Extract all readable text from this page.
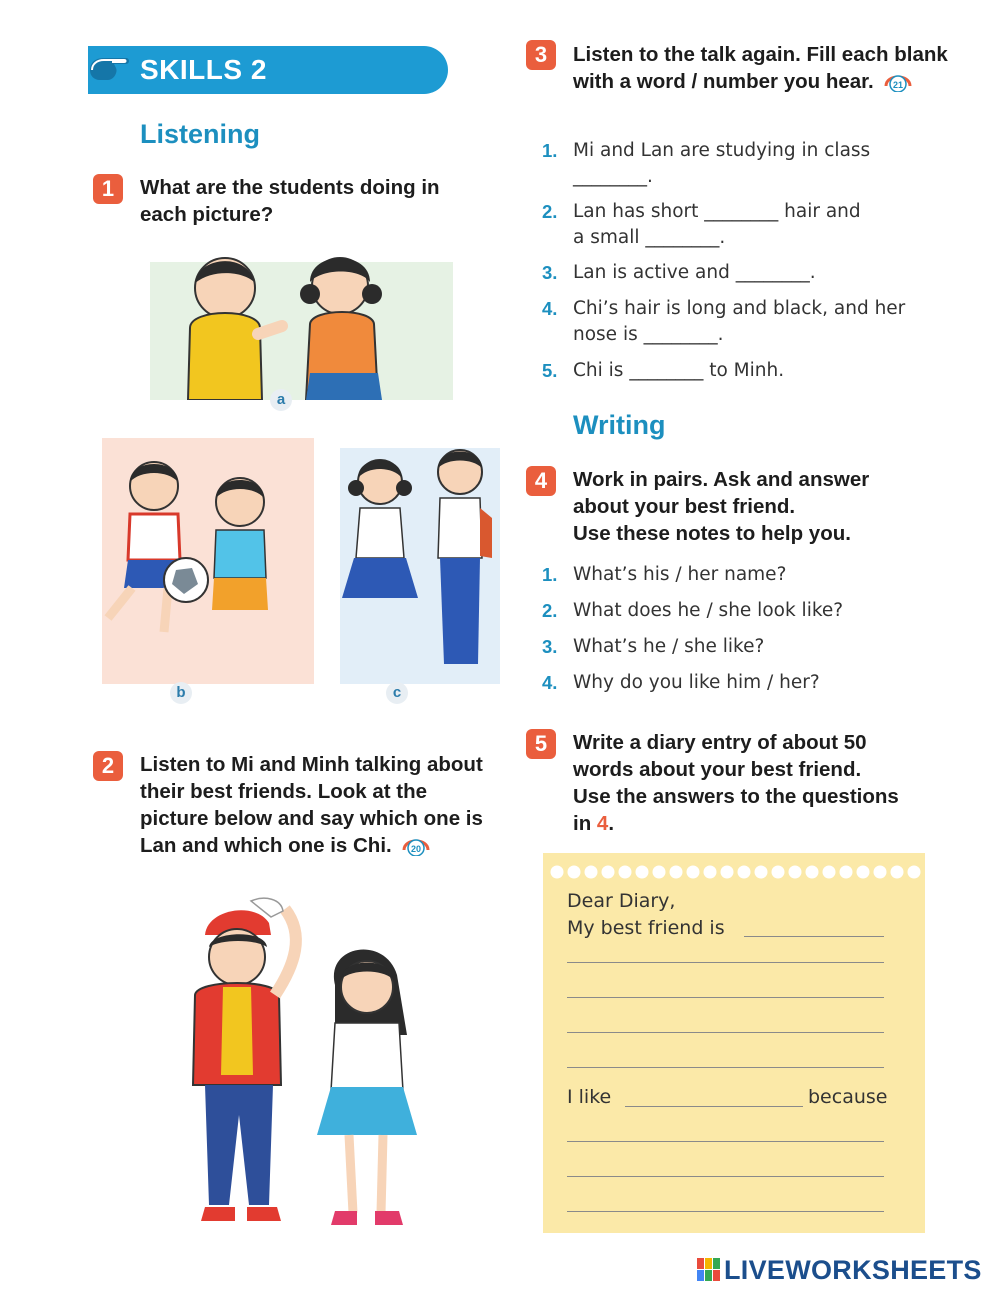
SKILLS 2
Listening
1	What are the students doing in each picture?
a
b	c
2	Listen to Mi and Minh talking about their best friends. Look at the picture below and say which one is Lan and which one is Chi. 20
3	Listen to the talk again. Fill each blank with a word / number you hear. 21
1. Mi and Lan are studying in class
________.
2. Lan has short ________ hair and
a small ________.
3. Lan is active and ________.
4. Chi’s hair is long and black, and her
nose is ________.
5. Chi is ________ to Minh.
Writing
4	Work in pairs. Ask and answer
about your best friend.
Use these notes to help you.
1. What’s his / her name?
2. What does he / she look like?
3. What’s he / she like?
4. Why do you like him / her?
5	Write a diary entry of about 50
words about your best friend.
Use the answers to the questions
in 4.
Dear Diary,
My best friend is
I like	because
LIVEWORKSHEETS
